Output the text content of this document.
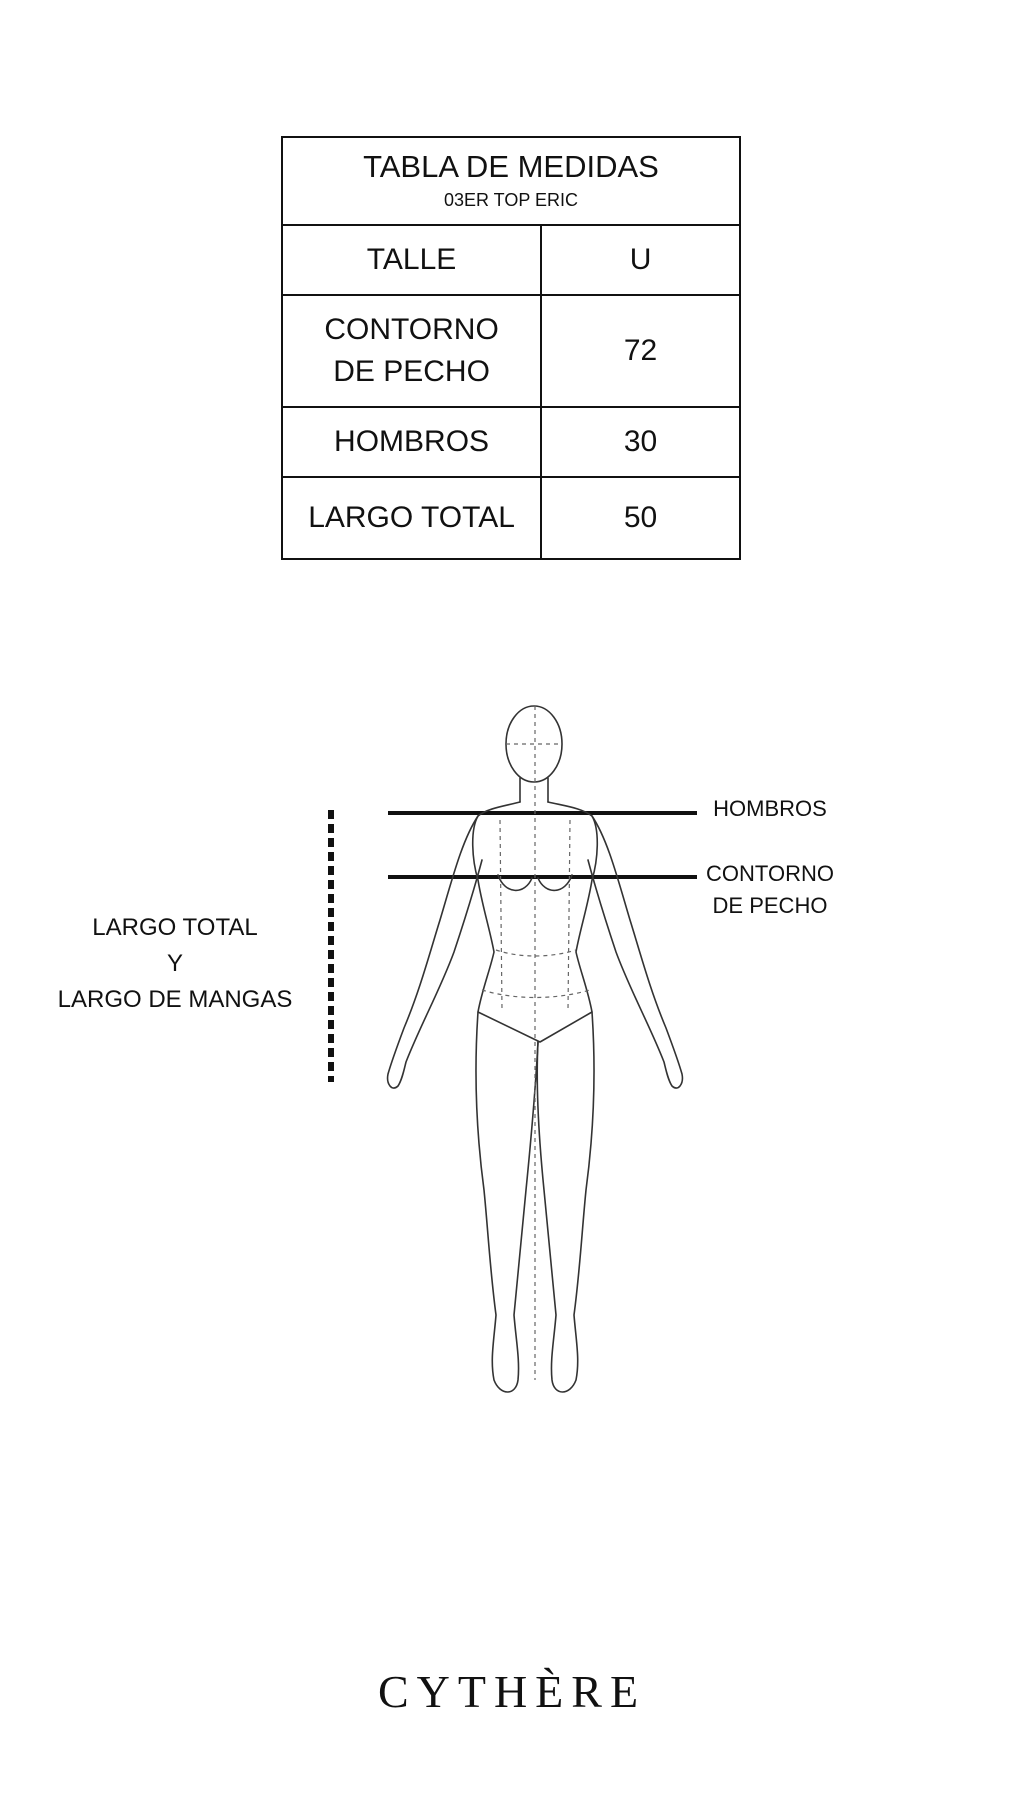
TABLA DE MEDIDAS
03ER TOP ERIC	

TALLE	U

CONTORNO
DE PECHO	72
HOMBROS	30
LARGO TOTAL	50
HOMBROS
CONTORNO
DE PECHO
LARGO TOTAL
Y
LARGO DE MANGAS
CYTHÈRE
